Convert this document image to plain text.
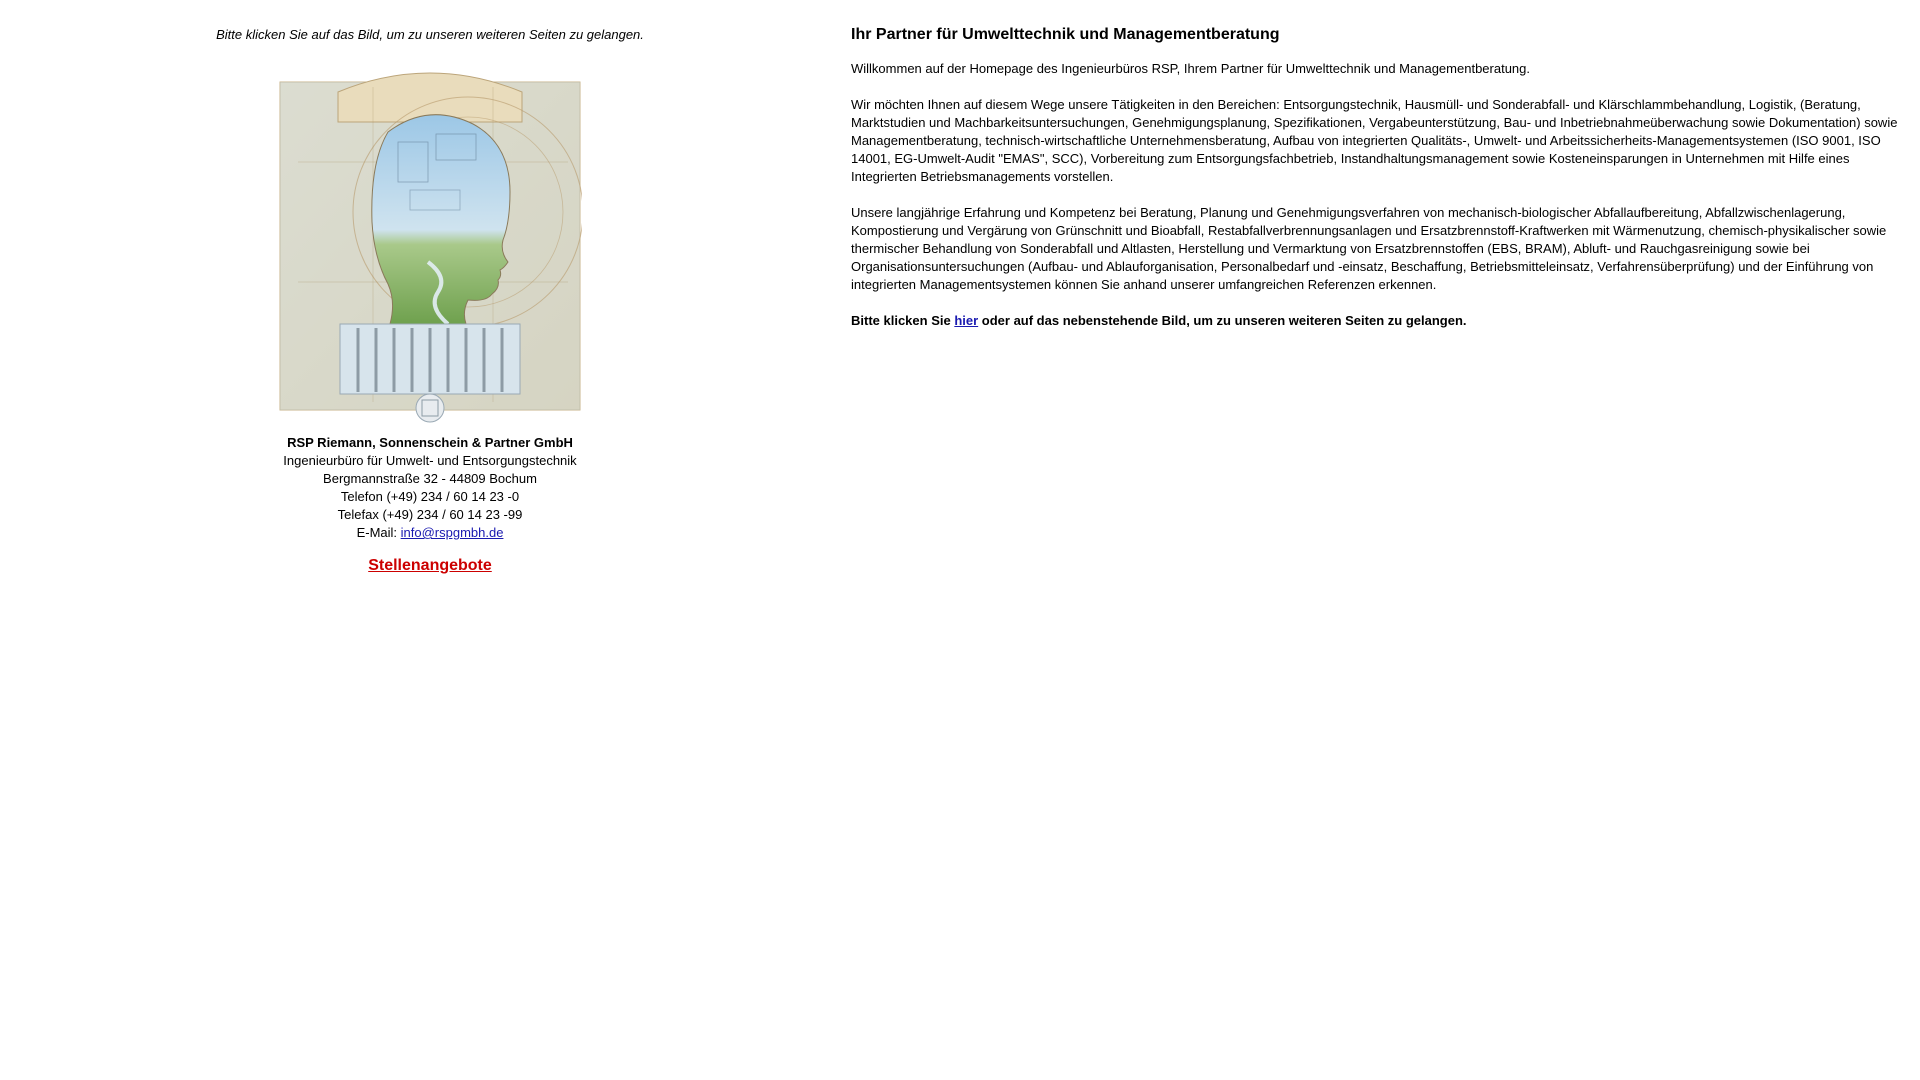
Bitte klicken Sie auf das Bild, um zu unseren weiteren Seiten zu gelangen.

RSP Riemann, Sonnenschein & Partner GmbH
Ingenieurbüro für Umwelt- und Entsorgungstechnik
Bergmannstraße 32 - 44809 Bochum
Telefon (+49) 234 / 60 14 23 -0
Telefax (+49) 234 / 60 14 23 -99
E-Mail: info@rspgmbh.de
Stellenangebote
Ihr Partner für Umwelttechnik und Managementberatung

Willkommen auf der Homepage des Ingenieurbüros RSP, Ihrem Partner für Umwelttechnik und Managementberatung.

Wir möchten Ihnen auf diesem Wege unsere Tätigkeiten in den Bereichen: Entsorgungstechnik, Hausmüll- und Sonderabfall- und Klärschlammbehandlung, Logistik, (Beratung, Marktstudien und Machbarkeitsuntersuchungen, Genehmigungsplanung, Spezifikationen, Vergabeunterstützung, Bau- und Inbetriebnahmeüberwachung sowie Dokumentation) sowie Managementberatung, technisch-wirtschaftliche Unternehmensberatung, Aufbau von integrierten Qualitäts-, Umwelt- und Arbeitssicherheits-Managementsystemen (ISO 9001, ISO 14001, EG-Umwelt-Audit "EMAS", SCC), Vorbereitung zum Entsorgungsfachbetrieb, Instandhaltungsmanagement sowie Kosteneinsparungen in Unternehmen mit Hilfe eines Integrierten Betriebsmanagements vorstellen.

Unsere langjährige Erfahrung und Kompetenz bei Beratung, Planung und Genehmigungsverfahren von mechanisch-biologischer Abfallaufbereitung, Abfallzwischenlagerung, Kompostierung und Vergärung von Grünschnitt und Bioabfall, Restabfallverbrennungsanlagen und Ersatzbrennstoff-Kraftwerken mit Wärmenutzung, chemisch-physikalischer sowie thermischer Behandlung von Sonderabfall und Altlasten, Herstellung und Vermarktung von Ersatzbrennstoffen (EBS, BRAM), Abluft- und Rauchgasreinigung sowie bei Organisationsuntersuchungen (Aufbau- und Ablauforganisation, Personalbedarf und -einsatz, Beschaffung, Betriebsmitteleinsatz, Verfahrensüberprüfung) und der Einführung von integrierten Managementsystemen können Sie anhand unserer umfangreichen Referenzen erkennen.

Bitte klicken Sie hier oder auf das nebenstehende Bild, um zu unseren weiteren Seiten zu gelangen.
